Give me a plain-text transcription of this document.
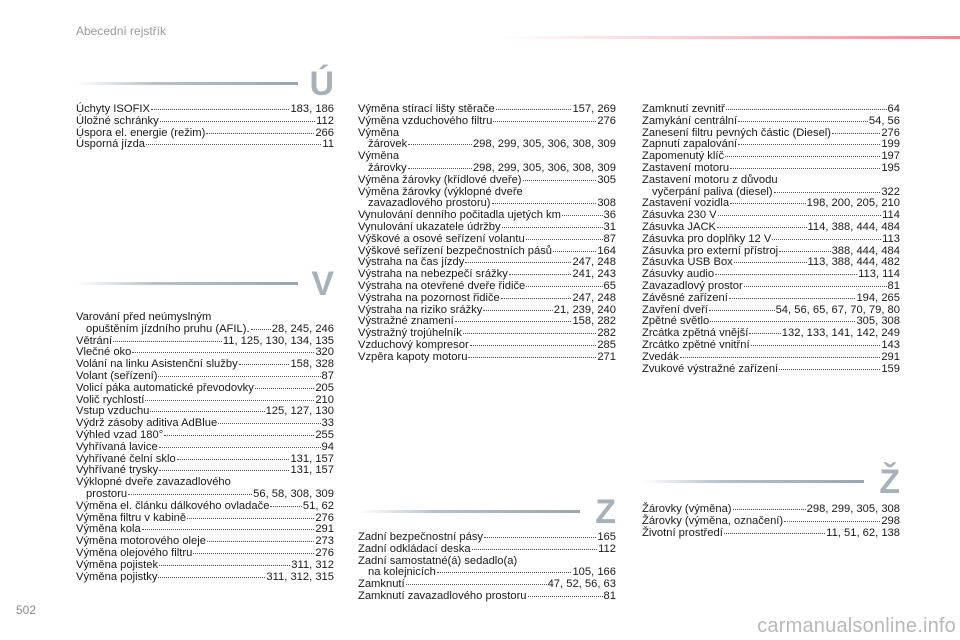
Abecední rejstřík
Ú
Úchyty ISOFIX	183, 186
Úložné schránky	112
Úspora el. energie (režim)	266
Úsporná jízda	11
V
Varování před neúmyslným
opuštěním jízdního pruhu (AFIL). 28, 245, 246
Větrání	11, 125, 130, 134, 135
Vlečné oko	320
Volání na linku Asistenční služby	158, 328
Volant (seřízení)	87
Volicí páka automatické převodovky	205
Volič rychlostí	210
Vstup vzduchu	125, 127, 130
Výdrž zásoby aditiva AdBlue	33
Výhled vzad 180°	255
Vyhřívaná lavice	94
Vyhřívané čelní sklo	131, 157
Vyhřívané trysky	131, 157
Výklopné dveře zavazadlového
prostoru	56, 58, 308, 309
Výměna el. článku dálkového ovladače	51, 62
Výměna filtru v kabině	276
Výměna kola	291
Výměna motorového oleje	273
Výměna olejového filtru	276
Výměna pojistek	311, 312
Výměna pojistky	311, 312, 315
Výměna stírací lišty stěrače	157, 269
Výměna vzduchového filtru	276
Výměna
žárovek	298, 299, 305, 306, 308, 309
Výměna
žárovky	298, 299, 305, 306, 308, 309
Výměna žárovky (křídlové dveře)	305
Výměna žárovky (výklopné dveře
zavazadlového prostoru)	308
Vynulování denního počitadla ujetých km	36
Vynulování ukazatele údržby	31
Výškové a osové seřízení volantu	87
Výškové seřízení bezpečnostních pásů	164
Výstraha na čas jízdy	247, 248
Výstraha na nebezpečí srážky	241, 243
Výstraha na otevřené dveře řidiče	65
Výstraha na pozornost řidiče	247, 248
Výstraha na riziko srážky	21, 239, 240
Výstražné znamení	158, 282
Výstražný trojúhelník	282
Vzduchový kompresor	285
Vzpěra kapoty motoru	271
Z
Zadní bezpečnostní pásy	165
Zadní odkládací deska	112
Zadní samostatné(á) sedadlo(a)
na kolejnicích	105, 166
Zamknutí	47, 52, 56, 63
Zamknutí zavazadlového prostoru	81
Zamknutí zevnitř	64
Zamykání centrální	54, 56
Zanesení filtru pevných částic (Diesel)	276
Zapnutí zapalování	199
Zapomenutý klíč	197
Zastavení motoru	195
Zastavení motoru z důvodu
vyčerpání paliva (diesel)	322
Zastavení vozidla	198, 200, 205, 210
Zásuvka 230 V	114
Zásuvka JACK	114, 388, 444, 484
Zásuvka pro doplňky 12 V	113
Zásuvka pro externí přístroj	388, 444, 484
Zásuvka USB Box	113, 388, 444, 482
Zásuvky audio	113, 114
Zavazadlový prostor	81
Závěsné zařízení	194, 265
Zavření dveří	54, 56, 65, 67, 70, 79, 80
Zpětné světlo	305, 308
Zrcátka zpětná vnější	132, 133, 141, 142, 249
Zrcátko zpětné vnitřní	143
Zvedák	291
Zvukové výstražné zařízení	159
Ž
Žárovky (výměna)	298, 299, 305, 308
Žárovky (výměna, označení)	298
Životní prostředí	11, 51, 62, 138
502
carmanualsonline.info
